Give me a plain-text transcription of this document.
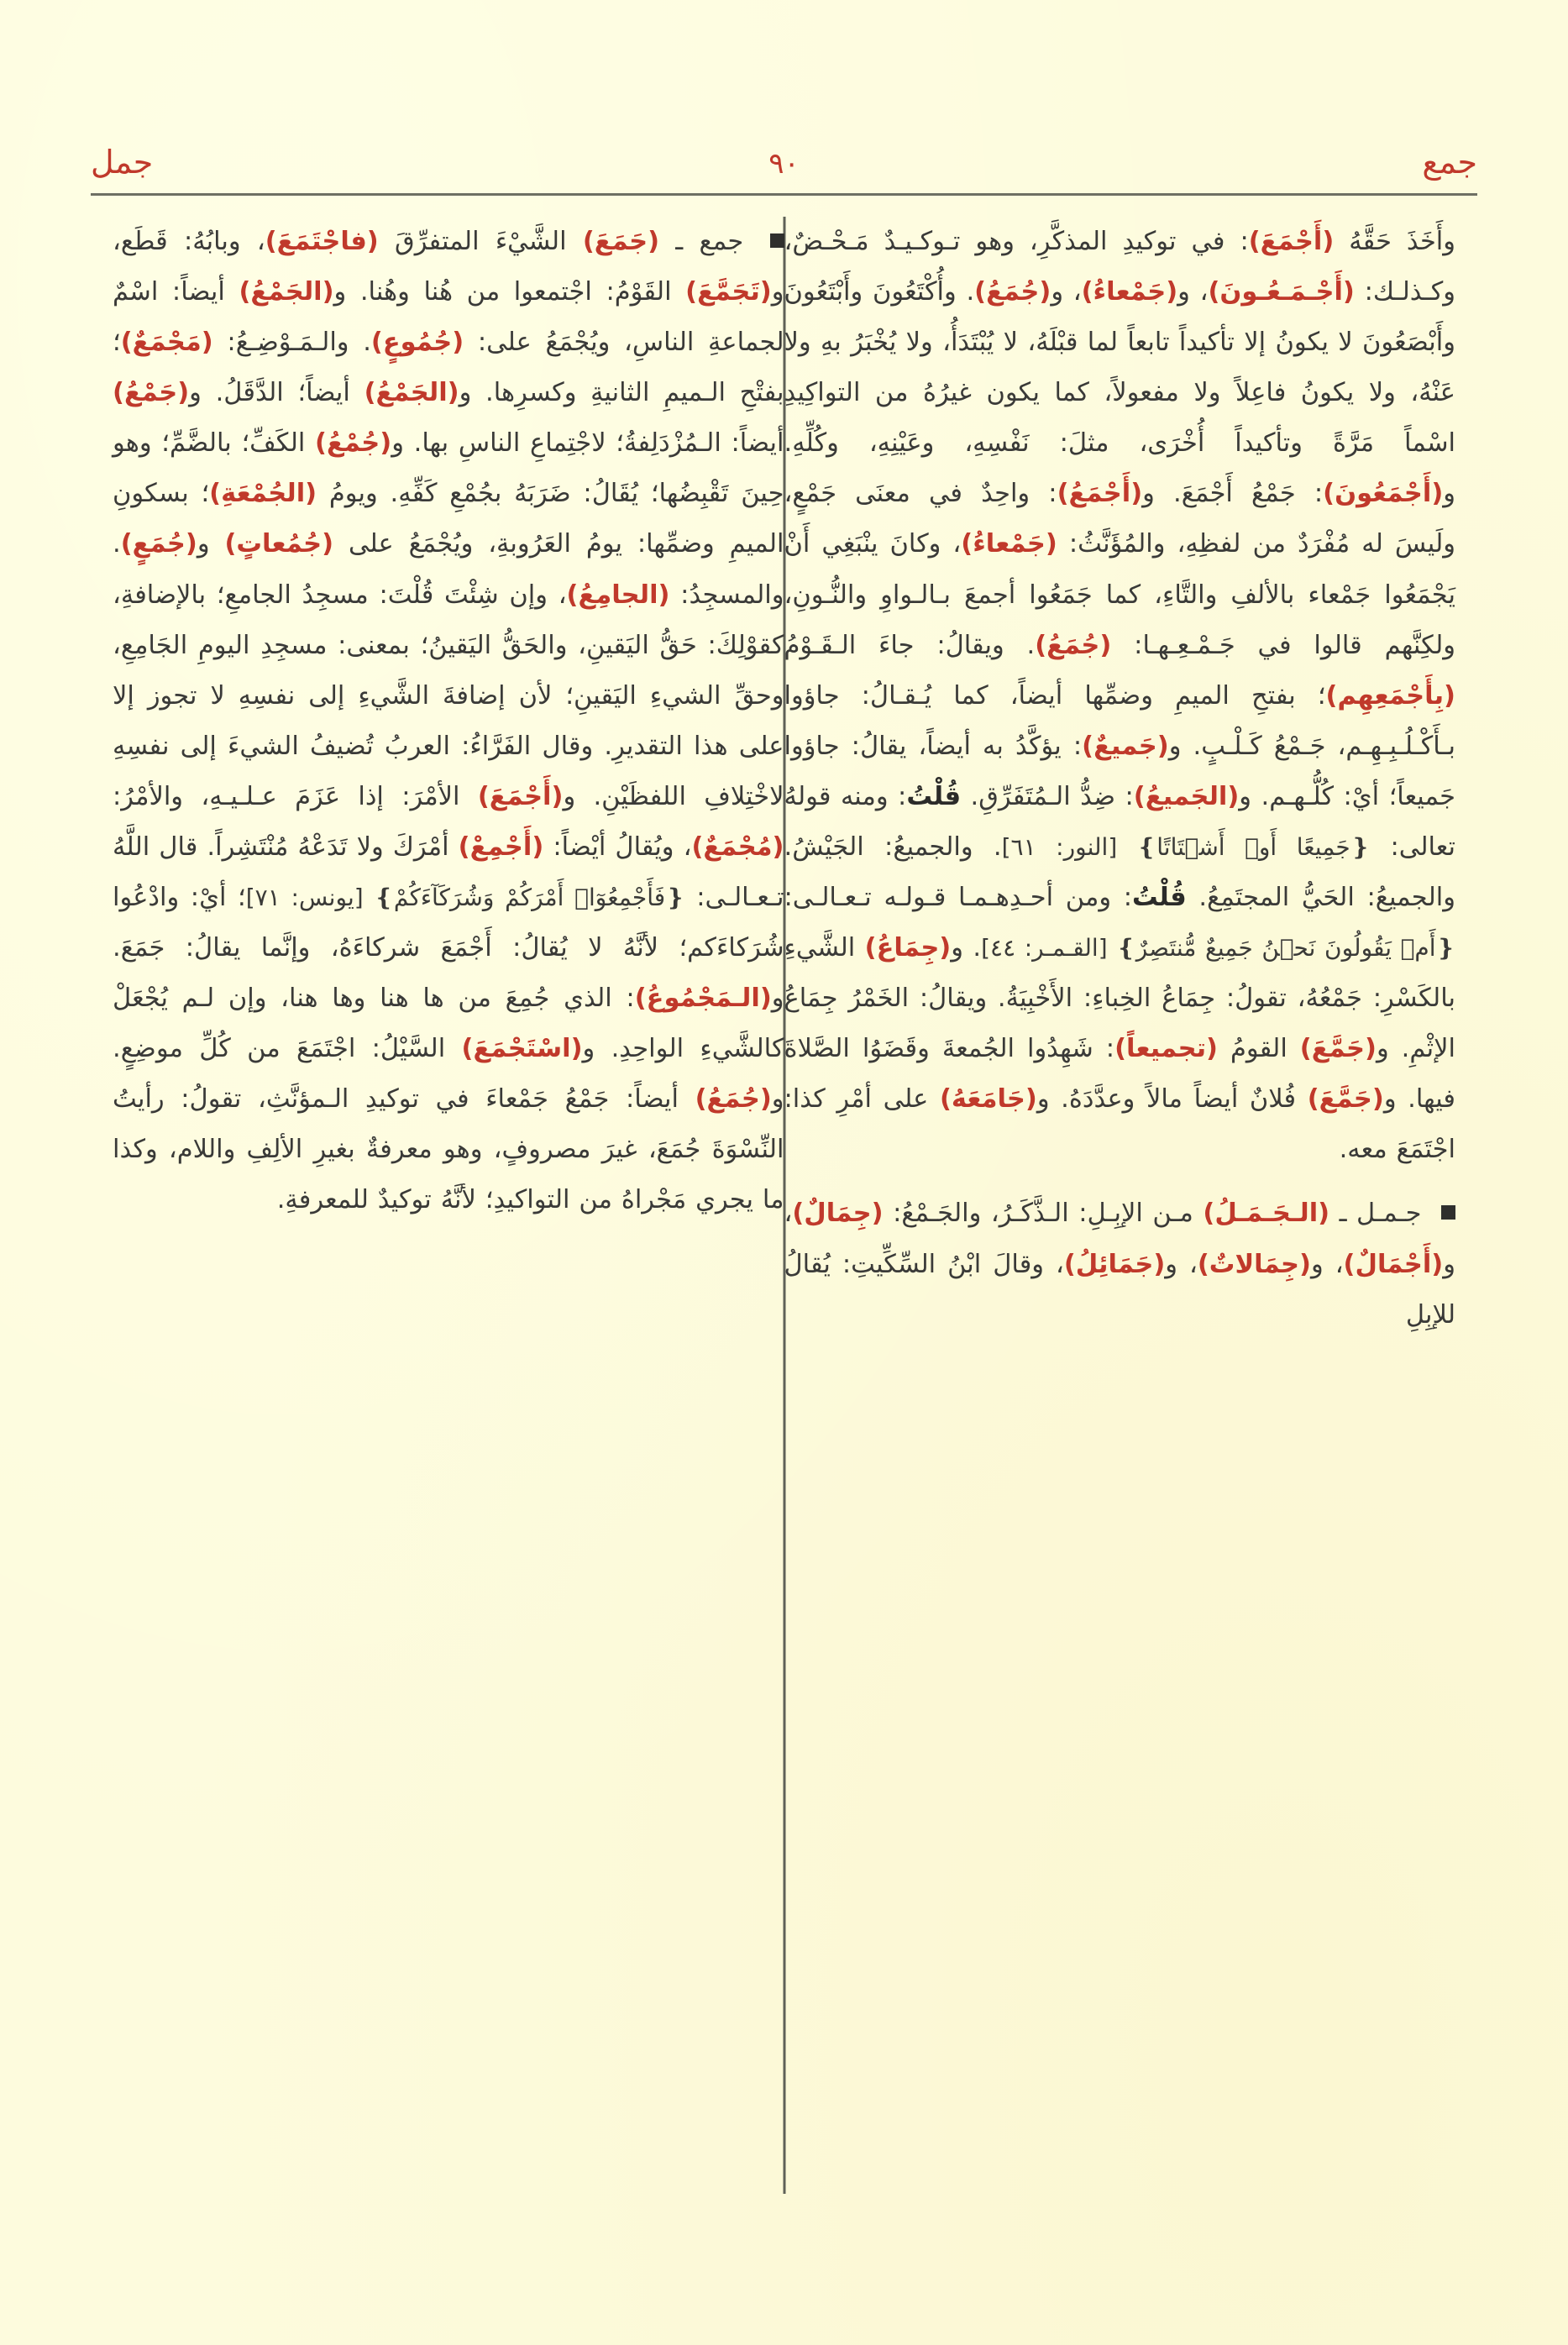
جمع
٩٠
جمل

جمع ـ (جَمَعَ) الشَّيْءَ المتفرِّقَ (فاجْتَمَعَ)، وبابُهُ: قَطَع، و(تَجَمَّعَ) القَوْمُ: اجْتمعوا من هُنا وهُنا. و(الجَمْعُ) أيضاً: اسْمٌ لجماعةِ الناسِ، ويُجْمَعُ على: (جُمُوعٍ). والـمَـوْضِـعُ: (مَجْمَعٌ)؛ بفتْحِ الـميمِ الثانيةِ وكسرِها. و(الجَمْعُ) أيضاً؛ الدَّقَلُ. و(جَمْعُ) أيضاً: الـمُزْدَلِفةُ؛ لاجْتِماعِ الناسِ بها. و(جُمْعُ) الكَفِّ؛ بالضَّمِّ؛ وهو حِينَ تَقْبِضُها؛ يُقَالُ: ضَرَبَهُ بجُمْعِ كَفِّهِ. ويومُ (الجُمْعَةِ)؛ بسكونِ الميمِ وضمِّها: يومُ العَرُوبةِ، ويُجْمَعُ على (جُمُعاتٍ) و(جُمَعٍ). والمسجِدُ: (الجامِعُ)، وإن شِئْتَ قُلْتَ: مسجِدُ الجامعِ؛ بالإضافةِ، كقوْلِكَ: حَقُّ اليَقينِ، والحَقُّ اليَقينُ؛ بمعنى: مسجِدِ اليومِ الجَامِعِ، وحقِّ الشيءِ اليَقينِ؛ لأن إضافةَ الشَّيءِ إلى نفسِهِ لا تجوز إلا على هذا التقديرِ. وقال الفَرَّاءُ: العربُ تُضيفُ الشيءَ إلى نفسِهِ لاخْتِلافِ اللفظَيْنِ. و(أَجْمَعَ) الأمْرَ: إذا عَزَمَ عـلـيـهِ، والأمْرُ: (مُجْمَعٌ)، ويُقالُ أيْضاً: (أَجْمِعْ) أمْرَكَ ولا تَدَعْهُ مُنْتَشِراً. قال اللَّهُ تـعـالـى: ❴فَأَجْمِعُوٓا۟ أَمْرَكُمْ وَشُرَكَآءَكُمْ❵ [يونس: ٧١]؛ أيْ: وادْعُوا شُرَكاءَكم؛ لأنَّهُ لا يُقالُ: أَجْمَعَ شركاءَهُ، وإنَّما يقالُ: جَمَعَ. و(الـمَجْمُوعُ): الذي جُمِعَ من ها هنا وها هنا، وإن لـم يُجْعَلْ كالشَّيءِ الواحِدِ. و(اسْتَجْمَعَ) السَّيْلُ: اجْتَمَعَ من كُلِّ موضِعٍ. و(جُمَعُ) أيضاً: جَمْعُ جَمْعاءَ في توكيدِ الـمؤنَّثِ، تقولُ: رأيتُ النِّسْوَةَ جُمَعَ، غيرَ مصروفٍ، وهو معرفةٌ بغيرِ الألِفِ واللام، وكذا ما يجري مَجْراهُ من التواكيدِ؛ لأنَّهُ توكيدٌ للمعرفةِ.

وأَخَذَ حَقَّهُ (أَجْمَعَ): في توكيدِ المذكَّرِ، وهو تـوكـيـدٌ مَـحْـضٌ، وكـذلـك: (أَجْـمَـعُـونَ)، و(جَمْعاءُ)، و(جُمَعُ). وأُكْتَعُونَ وأَبْتَعُونَ وأَبْصَعُونَ لا يكونُ إلا تأكيداً تابعاً لما قبْلَهُ، لا يُبْتَدَأُ، ولا يُخْبَرُ بهِ ولا عَنْهُ، ولا يكونُ فاعِلاً ولا مفعولاً، كما يكون غيرُهُ من التواكِيدِ اسْماً مَرَّةً وتأكيداً أُخْرَى، مثلَ: نَفْسِهِ، وعَيْنِهِ، وكُلِّهِ. و(أَجْمَعُونَ): جَمْعُ أَجْمَعَ. و(أَجْمَعُ): واحِدٌ في معنَى جَمْعٍ، ولَيسَ له مُفْرَدٌ من لفظِهِ، والمُؤَنَّثُ: (جَمْعاءُ)، وكانَ ينْبَغِي أَنْ يَجْمَعُوا جَمْعاء بالألفِ والتَّاءِ، كما جَمَعُوا أجمعَ بـالـواوِ والنُّـونِ، ولكِنَّهم قالوا في جَـمْـعِـهـا: (جُمَعُ). ويقالُ: جاءَ الـقَـوْمُ (بِأَجْمَعِهِم)؛ بفتحِ الميمِ وضمِّها أيضاً، كما يُـقـالُ: جاؤوا بـأَكْـلُـبِـهِـم، جَـمْعُ كَـلْـبٍ. و(جَميعٌ): يؤكَّدُ به أيضاً، يقالُ: جاؤوا جَميعاً؛ أيْ: كُلُّـهـم. و(الجَميعُ): ضِدُّ الـمُتَفَرِّقِ. قُلْتُ: ومنه قولهُ تعالى: ❴جَمِيعًا أَوۡ أَشۡتَاتًا❵ [النور: ٦١]. والجميعُ: الجَيْشُ. والجميعُ: الحَيُّ المجتَمِعُ. قُلْتُ: ومن أحـدِهـمـا قـولـه تـعـالـى: ❴أَمۡ يَقُولُونَ نَحۡنُ جَمِيعٌ مُّنتَصِرٌ❵ [القـمـر: ٤٤]. و(جِمَاعُ) الشَّيءِ بالكَسْرِ: جَمْعُهُ، تقولُ: جِمَاعُ الخِباءِ: الأَخْبِيَةُ. ويقالُ: الخَمْرُ جِمَاعُ الإثْمِ. و(جَمَّعَ) القومُ (تجميعاً): شَهِدُوا الجُمعةَ وقَضَوُا الصَّلاةَ فيها. و(جَمَّعَ) فُلانٌ أيضاً مالاً وعدَّدَهُ. و(جَامَعَهُ) على أمْرِ كذا: اجْتَمَعَ معه.

جـمـل ـ (الـجَـمَـلُ) مـن الإبِـلِ: الـذَّكَـرُ، والجَـمْعُ: (جِمَالٌ)، و(أَجْمَالٌ)، و(جِمَالاتٌ)، و(جَمَائِلُ)، وقالَ ابْنُ السِّكِّيتِ: يُقالُ للإبِلِ
